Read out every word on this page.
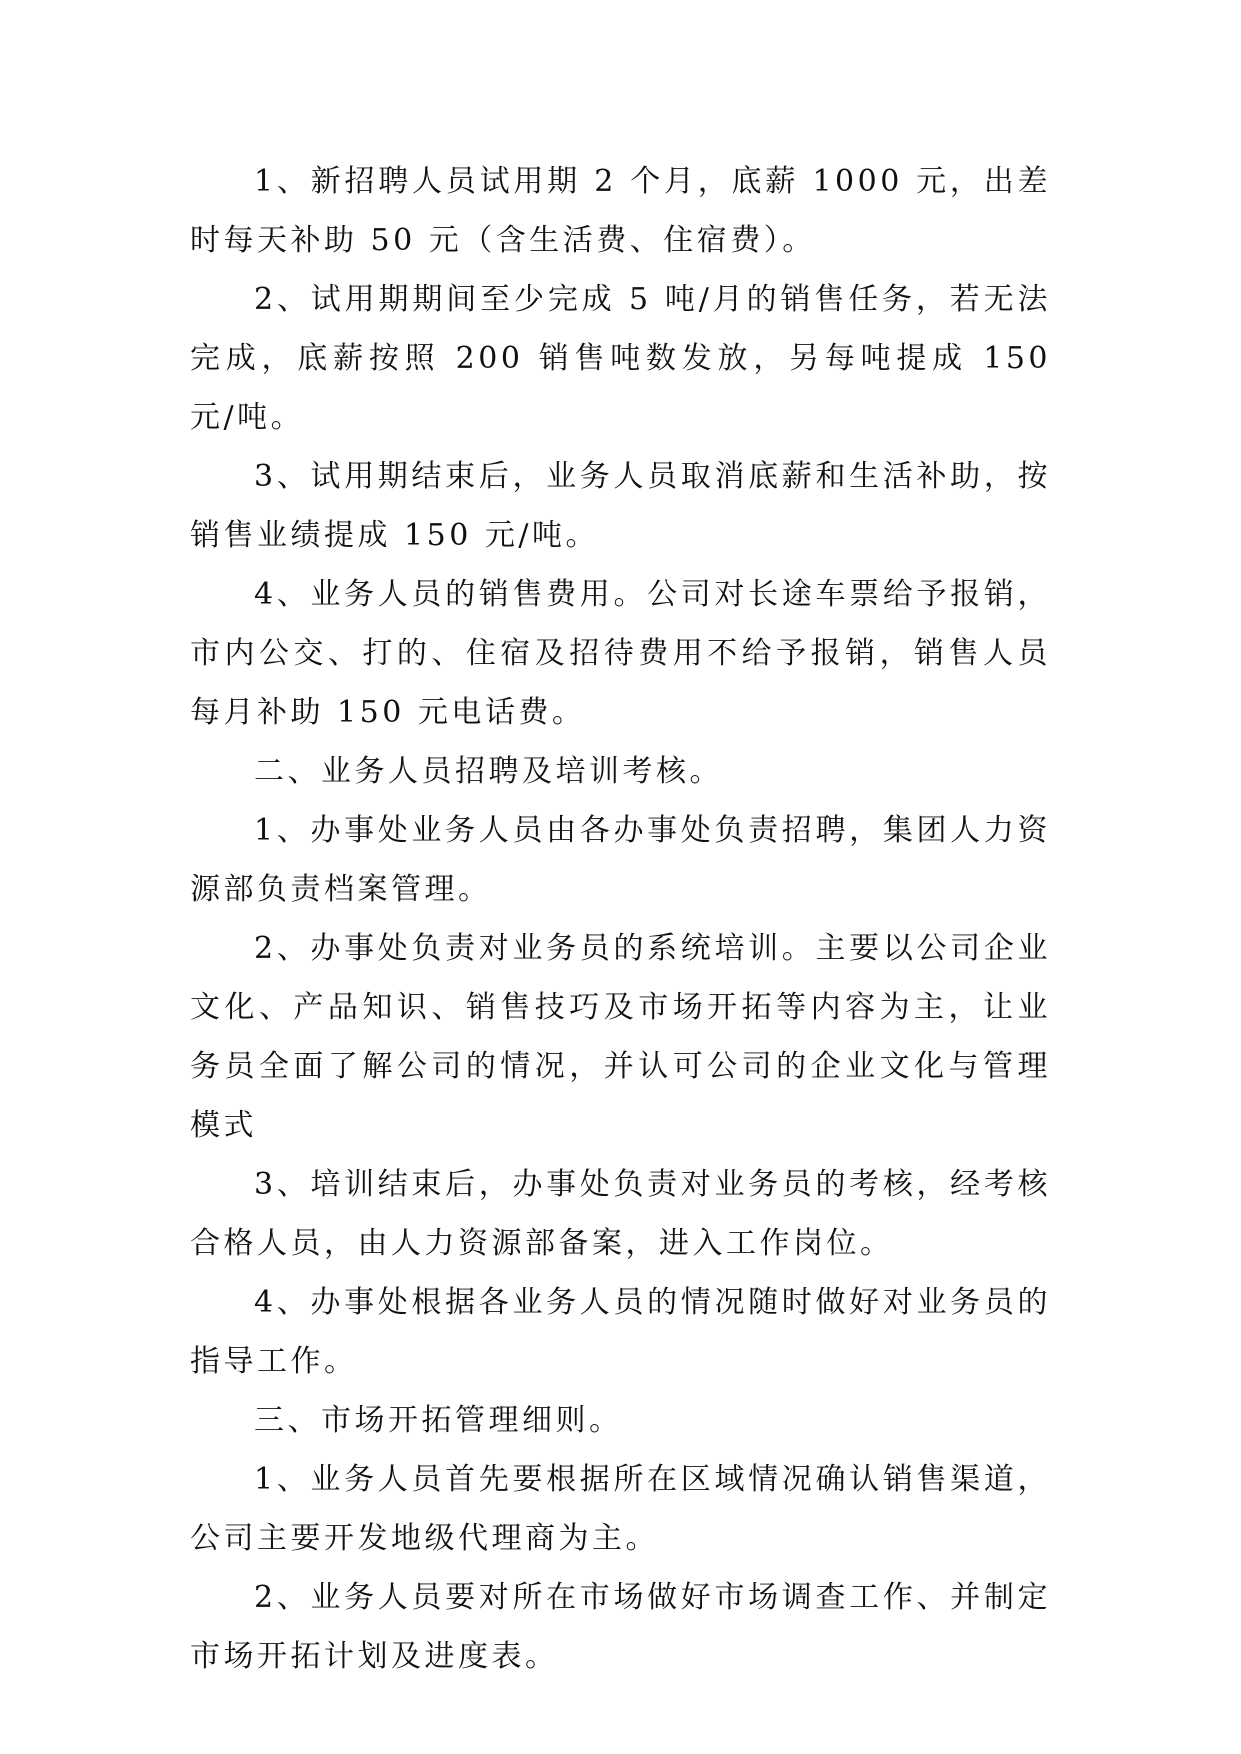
1、新招聘人员试用期 2 个月，底薪 1000 元，出差时每天补助 50 元（含生活费、住宿费）。

2、试用期期间至少完成 5 吨/月的销售任务，若无法完成，底薪按照 200 销售吨数发放，另每吨提成 150 元/吨。

3、试用期结束后，业务人员取消底薪和生活补助，按销售业绩提成 150 元/吨。

4、业务人员的销售费用。公司对长途车票给予报销，市内公交、打的、住宿及招待费用不给予报销，销售人员每月补助 150 元电话费。

二、业务人员招聘及培训考核。

1、办事处业务人员由各办事处负责招聘，集团人力资源部负责档案管理。

2、办事处负责对业务员的系统培训。主要以公司企业文化、产品知识、销售技巧及市场开拓等内容为主，让业务员全面了解公司的情况，并认可公司的企业文化与管理模式

3、培训结束后，办事处负责对业务员的考核，经考核合格人员，由人力资源部备案，进入工作岗位。

4、办事处根据各业务人员的情况随时做好对业务员的指导工作。

三、市场开拓管理细则。

1、业务人员首先要根据所在区域情况确认销售渠道，公司主要开发地级代理商为主。

2、业务人员要对所在市场做好市场调查工作、并制定市场开拓计划及进度表。
